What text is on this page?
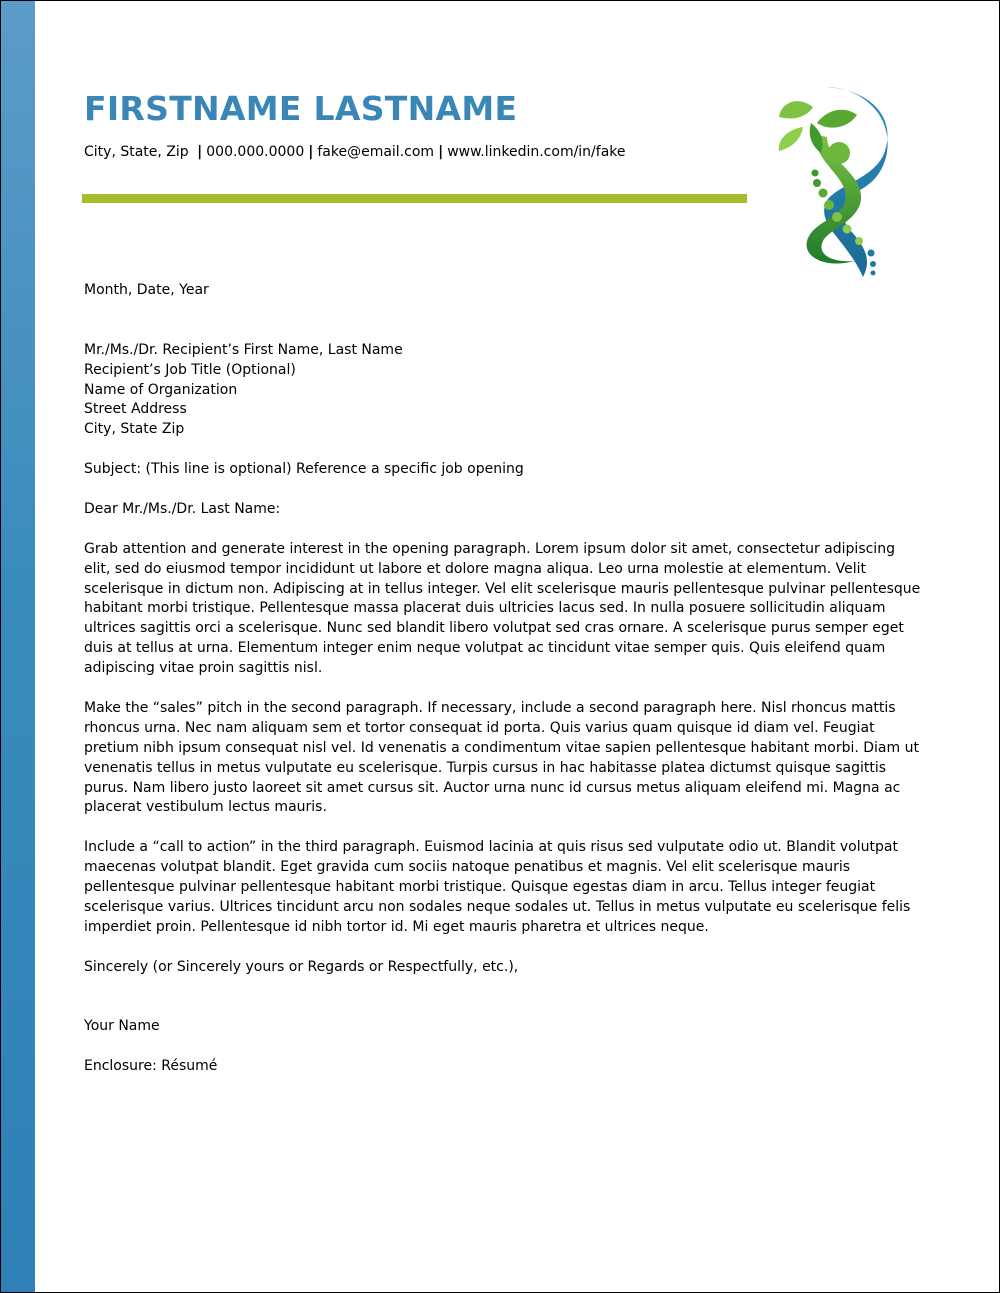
FIRSTNAME LASTNAME
City, State, Zip | 000.000.0000 | fake@email.com | www.linkedin.com/in/fake

Month, Date, Year

Mr./Ms./Dr. Recipient’s First Name, Last Name

Recipient’s Job Title (Optional)

Name of Organization

Street Address

City, State Zip

Subject: (This line is optional) Reference a specific job opening

Dear Mr./Ms./Dr. Last Name:

Grab attention and generate interest in the opening paragraph. Lorem ipsum dolor sit amet, consectetur adipiscing elit, sed do eiusmod tempor incididunt ut labore et dolore magna aliqua. Leo urna molestie at elementum. Velit scelerisque in dictum non. Adipiscing at in tellus integer. Vel elit scelerisque mauris pellentesque pulvinar pellentesque habitant morbi tristique. Pellentesque massa placerat duis ultricies lacus sed. In nulla posuere sollicitudin aliquam ultrices sagittis orci a scelerisque. Nunc sed blandit libero volutpat sed cras ornare. A scelerisque purus semper eget duis at tellus at urna. Elementum integer enim neque volutpat ac tincidunt vitae semper quis. Quis eleifend quam adipiscing vitae proin sagittis nisl.

Make the “sales” pitch in the second paragraph. If necessary, include a second paragraph here. Nisl rhoncus mattis rhoncus urna. Nec nam aliquam sem et tortor consequat id porta. Quis varius quam quisque id diam vel. Feugiat pretium nibh ipsum consequat nisl vel. Id venenatis a condimentum vitae sapien pellentesque habitant morbi. Diam ut venenatis tellus in metus vulputate eu scelerisque. Turpis cursus in hac habitasse platea dictumst quisque sagittis purus. Nam libero justo laoreet sit amet cursus sit. Auctor urna nunc id cursus metus aliquam eleifend mi. Magna ac placerat vestibulum lectus mauris.

Include a “call to action” in the third paragraph. Euismod lacinia at quis risus sed vulputate odio ut. Blandit volutpat maecenas volutpat blandit. Eget gravida cum sociis natoque penatibus et magnis. Vel elit scelerisque mauris pellentesque pulvinar pellentesque habitant morbi tristique. Quisque egestas diam in arcu. Tellus integer feugiat scelerisque varius. Ultrices tincidunt arcu non sodales neque sodales ut. Tellus in metus vulputate eu scelerisque felis imperdiet proin. Pellentesque id nibh tortor id. Mi eget mauris pharetra et ultrices neque.

Sincerely (or Sincerely yours or Regards or Respectfully, etc.),

Your Name

Enclosure: Résumé
